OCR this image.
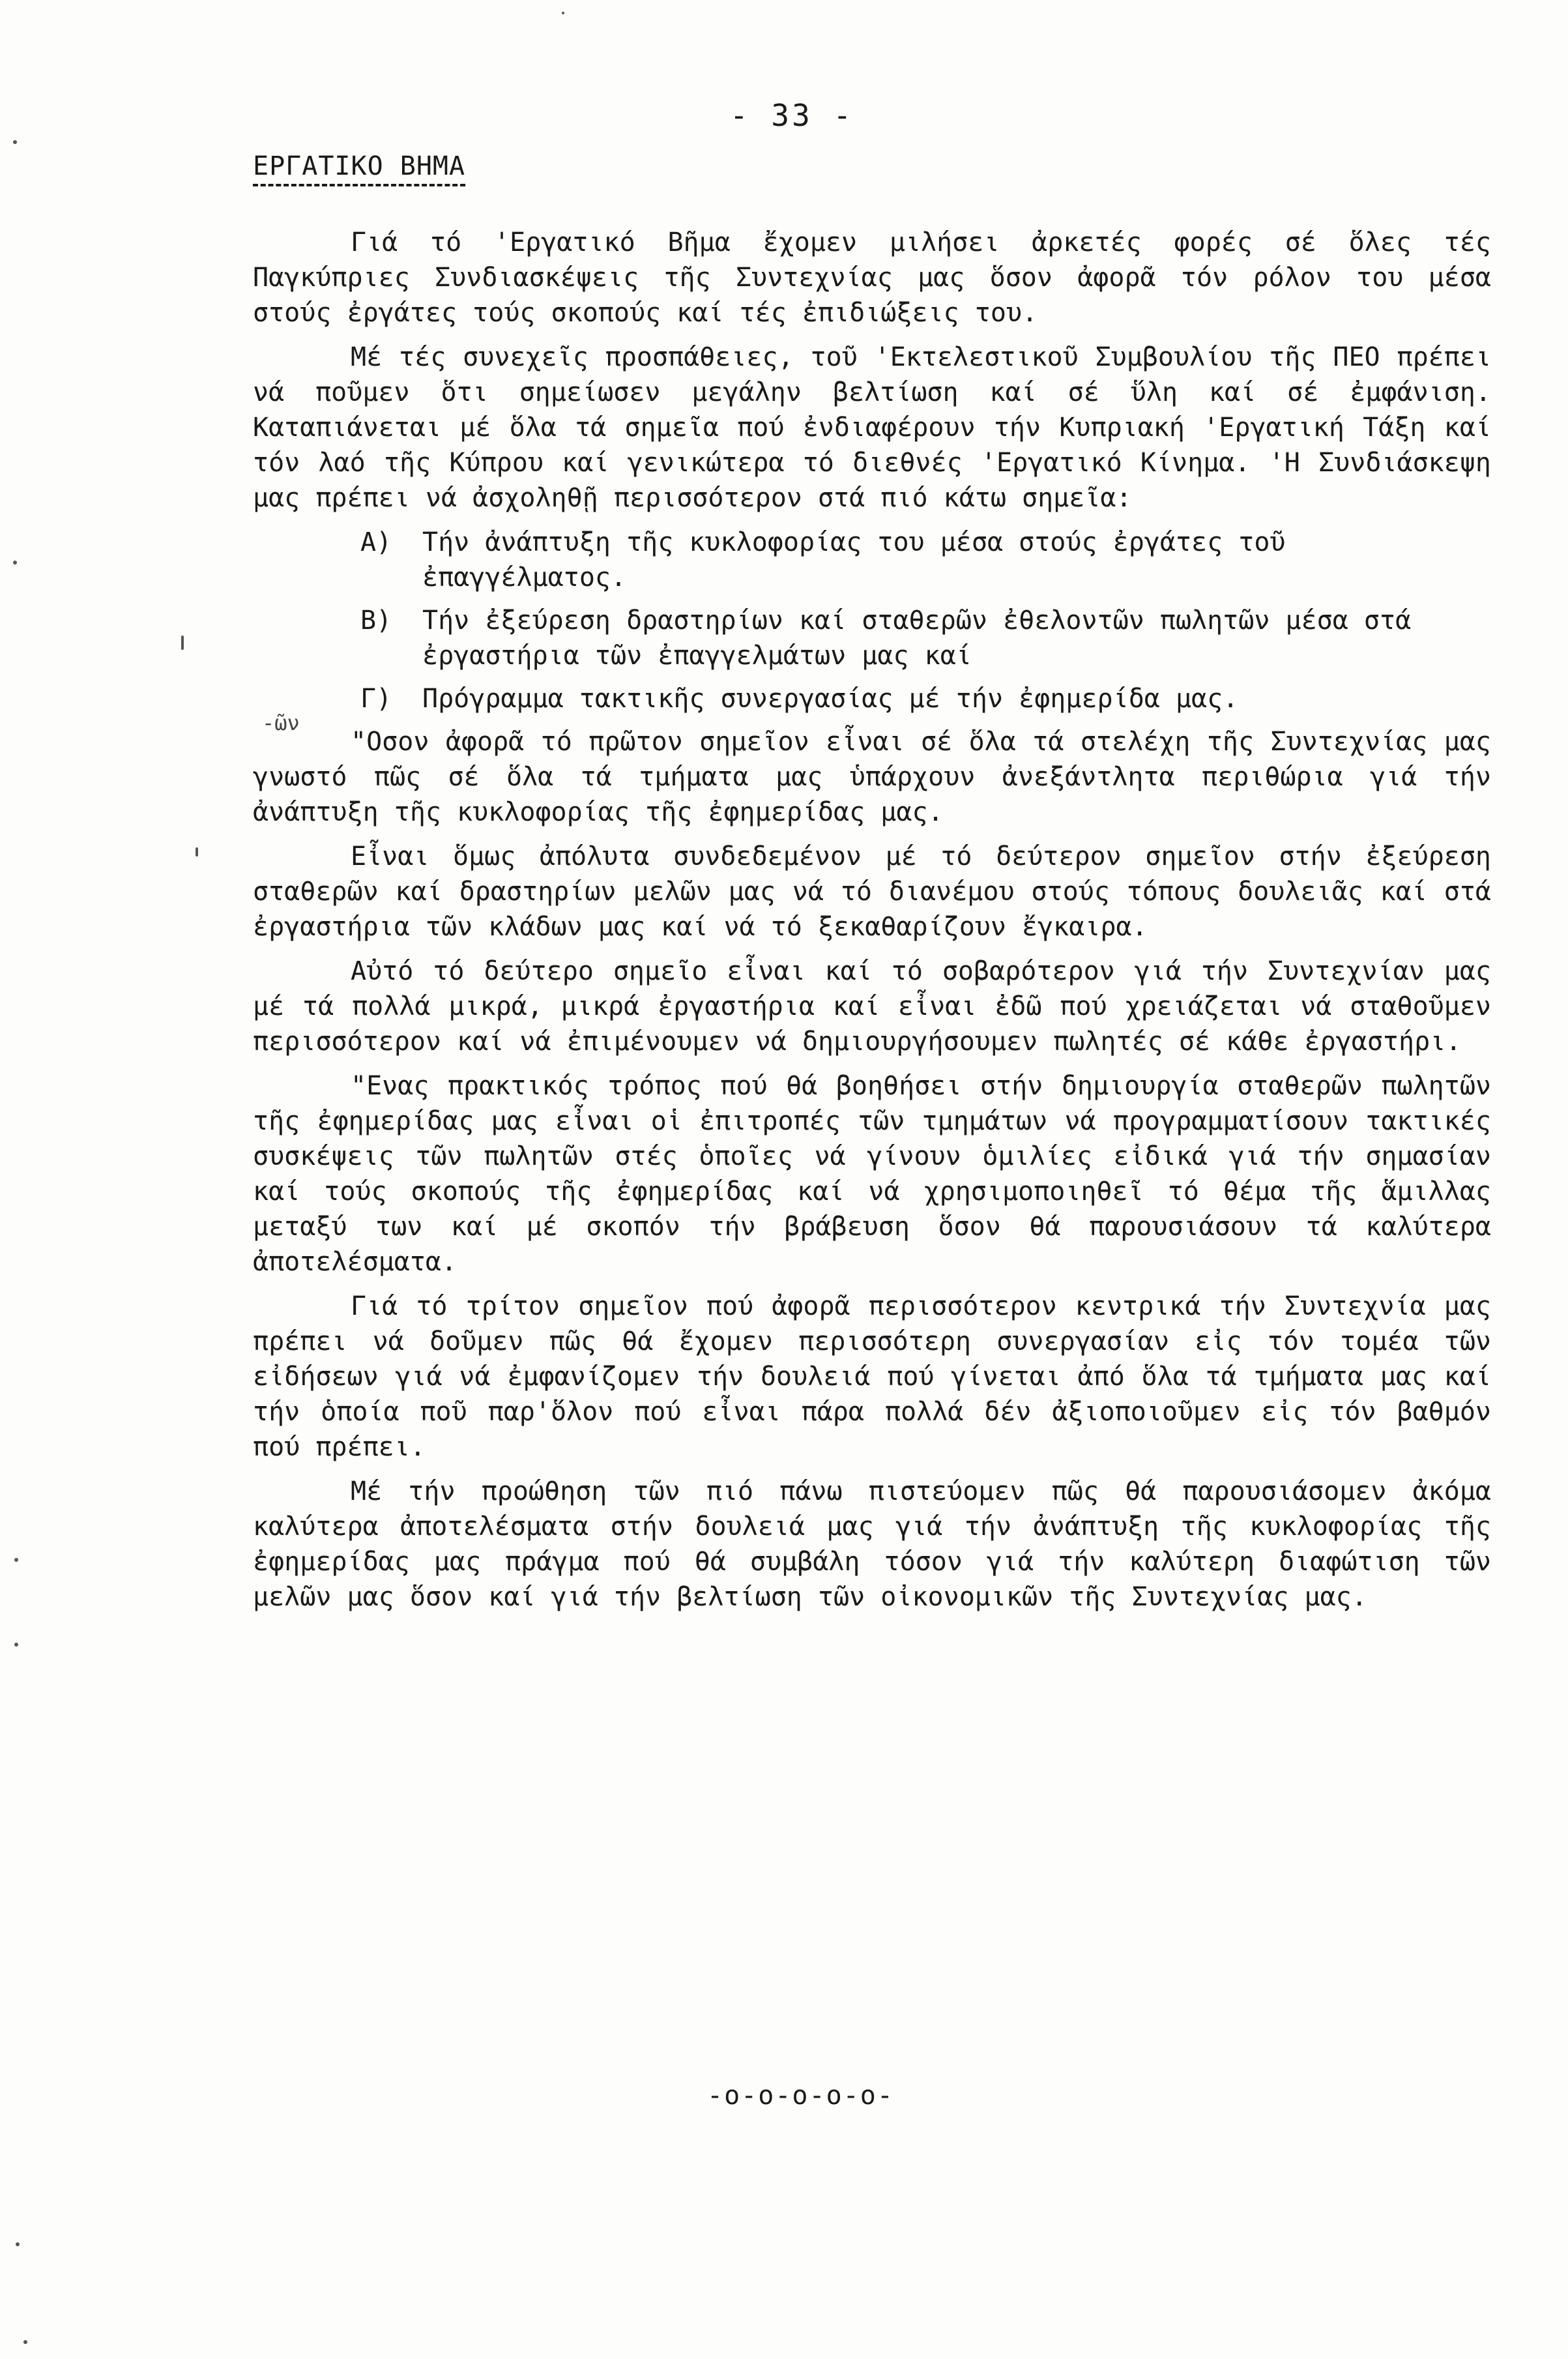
- 33 -
ΕΡΓΑΤΙΚΟ ΒΗΜΑ
-ῶν

Γιά τό 'Εργατικό Βῆμα ἔχομεν μιλήσει ἀρκετές φορές σέ ὅλες τές Παγκύπριες Συνδιασκέψεις τῆς Συντεχνίας μας ὅσον ἀφορᾶ τόν ρόλον του μέσα στούς ἐργάτες τούς σκοπούς καί τές ἐπιδιώξεις του.

Μέ τές συνεχεῖς προσπάθειες, τοῦ 'Εκτελεστικοῦ Συμβουλίου τῆς ΠΕΟ πρέπει νά ποῦμεν ὅτι σημείωσεν μεγάλην βελτίωση καί σέ ὕλη καί σέ ἐμφάνιση. Καταπιάνεται μέ ὅλα τά σημεῖα πού ἐνδιαφέρουν τήν Κυπριακή 'Εργατική Τάξη καί τόν λαό τῆς Κύπρου καί γενικώτερα τό διεθνές 'Εργατικό Κίνημα. 'Η Συνδιάσκεψη μας πρέπει νά ἀσχοληθῇ περισσότερον στά πιό κάτω σημεῖα:

Α)	Τήν ἀνάπτυξη τῆς κυκλοφορίας του μέσα στούς ἐργάτες τοῦ ἐπαγγέλματος.
Β)	Τήν ἐξεύρεση δραστηρίων καί σταθερῶν ἐθελοντῶν πωλητῶν μέσα στά ἐργαστήρια τῶν ἐπαγγελμάτων μας καί
Γ)	Πρόγραμμα τακτικῆς συνεργασίας μέ τήν ἐφημερίδα μας.

"Οσον ἀφορᾶ τό πρῶτον σημεῖον εἶναι σέ ὅλα τά στελέχη τῆς Συντεχνίας μας γνωστό πῶς σέ ὅλα τά τμήματα μας ὑπάρχουν ἀνεξάντλητα περιθώρια γιά τήν ἀνάπτυξη τῆς κυκλοφορίας τῆς ἐφημερίδας μας.

Εἶναι ὅμως ἀπόλυτα συνδεδεμένον μέ τό δεύτερον σημεῖον στήν ἐξεύρεση σταθερῶν καί δραστηρίων μελῶν μας νά τό διανέμου στούς τόπους δουλειᾶς καί στά ἐργαστήρια τῶν κλάδων μας καί νά τό ξεκαθαρίζουν ἔγκαιρα.

Αὐτό τό δεύτερο σημεῖο εἶναι καί τό σοβαρότερον γιά τήν Συντεχνίαν μας μέ τά πολλά μικρά, μικρά ἐργαστήρια καί εἶναι ἐδῶ πού χρειάζεται νά σταθοῦμεν περισσότερον καί νά ἐπιμένουμεν νά δημιουργήσουμεν πωλητές σέ κάθε ἐργαστήρι.

"Ενας πρακτικός τρόπος πού θά βοηθήσει στήν δημιουργία σταθερῶν πωλητῶν τῆς ἐφημερίδας μας εἶναι οἱ ἐπιτροπές τῶν τμημάτων νά προγραμματίσουν τακτικές συσκέψεις τῶν πωλητῶν στές ὁποῖες νά γίνουν ὁμιλίες εἰδικά γιά τήν σημασίαν καί τούς σκοπούς τῆς ἐφημερίδας καί νά χρησιμοποιηθεῖ τό θέμα τῆς ἅμιλλας μεταξύ των καί μέ σκοπόν τήν βράβευση ὅσον θά παρουσιάσουν τά καλύτερα ἀποτελέσματα.

Γιά τό τρίτον σημεῖον πού ἀφορᾶ περισσότερον κεντρικά τήν Συντεχνία μας πρέπει νά δοῦμεν πῶς θά ἔχομεν περισσότερη συνεργασίαν εἰς τόν τομέα τῶν εἰδήσεων γιά νά ἐμφανίζομεν τήν δουλειά πού γίνεται ἀπό ὅλα τά τμήματα μας καί τήν ὁποία ποῦ παρ'ὅλον πού εἶναι πάρα πολλά δέν ἀξιοποιοῦμεν εἰς τόν βαθμόν πού πρέπει.

Μέ τήν προώθηση τῶν πιό πάνω πιστεύομεν πῶς θά παρουσιάσομεν ἀκόμα καλύτερα ἀποτελέσματα στήν δουλειά μας γιά τήν ἀνάπτυξη τῆς κυκλοφορίας τῆς ἐφημερίδας μας πράγμα πού θά συμβάλη τόσον γιά τήν καλύτερη διαφώτιση τῶν μελῶν μας ὅσον καί γιά τήν βελτίωση τῶν οἰκονομικῶν τῆς Συντεχνίας μας.

-o-o-o-o-o-
